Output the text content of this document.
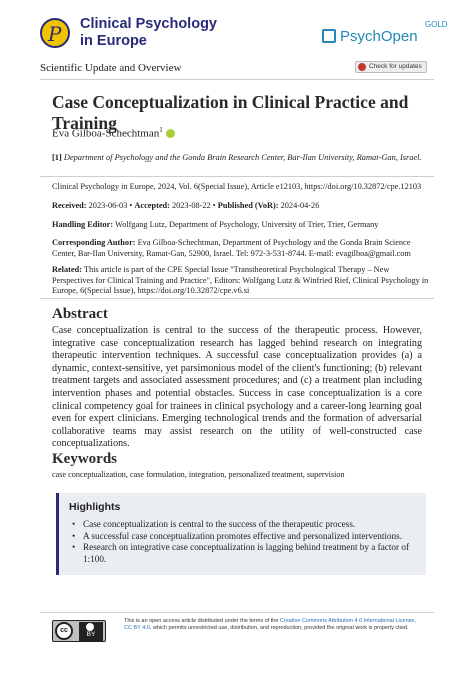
P Clinical Psychology
in Europe	PsychOpen
GOLD
Scientific Update and Overview	Check for updates
Case Conceptualization in Clinical Practice and Training
Eva Gilboa-Schechtman$^1$
[1] Department of Psychology and the Gonda Brain Research Center, Bar-Ilan University, Ramat-Gan, Israel.
Clinical Psychology in Europe, 2024, Vol. 6(Special Issue), Article e12103, https://doi.org/10.32872/cpe.12103
Received: 2023-06-03 • Accepted: 2023-08-22 • Published (VoR): 2024-04-26
Handling Editor: Wolfgang Lutz, Department of Psychology, University of Trier, Trier, Germany
Corresponding Author: Eva Gilboa-Schechtman, Department of Psychology and the Gonda Brain Science Center, Bar-Ilan University, Ramat-Gan, 52900, Israel. Tel: 972-3-531-8744. E-mail: evagilboa@gmail.com
Related: This article is part of the CPE Special Issue "Transtheoretical Psychological Therapy – New Perspectives for Clinical Training and Practice", Editors: Wolfgang Lutz & Winfried Rief, Clinical Psychology in Europe, 6(Special Issue), https://doi.org/10.32872/cpe.v6.si
Abstract

Case conceptualization is central to the success of the therapeutic process. However, integrative case conceptualization research has lagged behind research on integrating therapeutic intervention techniques. A successful case conceptualization provides (a) a dynamic, context-sensitive, yet parsimonious model of the client's functioning; (b) relevant treatment targets and associated assessment procedures; and (c) a treatment plan including intervention phases and potential obstacles. Success in case conceptualization is a core clinical competency goal for trainees in clinical psychology and a career-long learning goal even for expert clinicians. Emerging technological trends and the formation of adversarial collaborative teams may assist research on the utility of well-constructed case conceptualizations.

Keywords

case conceptualization, case formulation, integration, personalized treatment, supervision

Highlights
• Case conceptualization is central to the success of the therapeutic process.
• A successful case conceptualization promotes effective and personalized interventions.
• Research on integrative case conceptualization is lagging behind treatment by a factor of 1:100.
cc
BY
This is an open access article distributed under the terms of the Creative Commons Attribution 4.0 International License, CC BY 4.0, which permits unrestricted use, distribution, and reproduction, provided the original work is properly cited.
